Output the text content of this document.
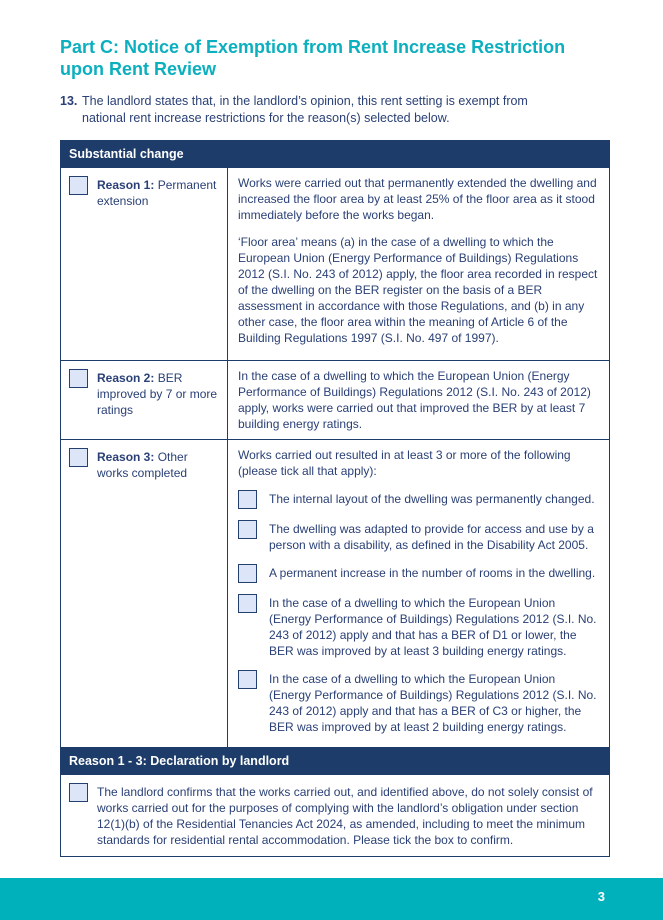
Part C: Notice of Exemption from Rent Increase Restriction
upon Rent Review
13. The landlord states that, in the landlord’s opinion, this rent setting is exempt from national rent increase restrictions for the reason(s) selected below.
Substantial change
Reason 1: Permanent extension

Works were carried out that permanently extended the dwelling and increased the floor area by at least 25% of the floor area as it stood immediately before the works began.

‘Floor area’ means (a) in the case of a dwelling to which the European Union (Energy Performance of Buildings) Regulations 2012 (S.I. No. 243 of 2012) apply, the floor area recorded in respect of the dwelling on the BER register on the basis of a BER assessment in accordance with those Regulations, and (b) in any other case, the floor area within the meaning of Article 6 of the Building Regulations 1997 (S.I. No. 497 of 1997).

Reason 2: BER improved by 7 or more ratings

In the case of a dwelling to which the European Union (Energy Performance of Buildings) Regulations 2012 (S.I. No. 243 of 2012) apply, works were carried out that improved the BER by at least 7 building energy ratings.

Reason 3: Other works completed

Works carried out resulted in at least 3 or more of the following (please tick all that apply):

The internal layout of the dwelling was permanently changed.
The dwelling was adapted to provide for access and use by a person with a disability, as defined in the Disability Act 2005.
A permanent increase in the number of rooms in the dwelling.
In the case of a dwelling to which the European Union (Energy Performance of Buildings) Regulations 2012 (S.I. No. 243 of 2012) apply and that has a BER of D1 or lower, the BER was improved by at least 3 building energy ratings.
In the case of a dwelling to which the European Union (Energy Performance of Buildings) Regulations 2012 (S.I. No. 243 of 2012) apply and that has a BER of C3 or higher, the BER was improved by at least 2 building energy ratings.
Reason 1 - 3: Declaration by landlord
The landlord confirms that the works carried out, and identified above, do not solely consist of works carried out for the purposes of complying with the landlord’s obligation under section 12(1)(b) of the Residential Tenancies Act 2024, as amended, including to meet the minimum standards for residential rental accommodation. Please tick the box to confirm.
3
